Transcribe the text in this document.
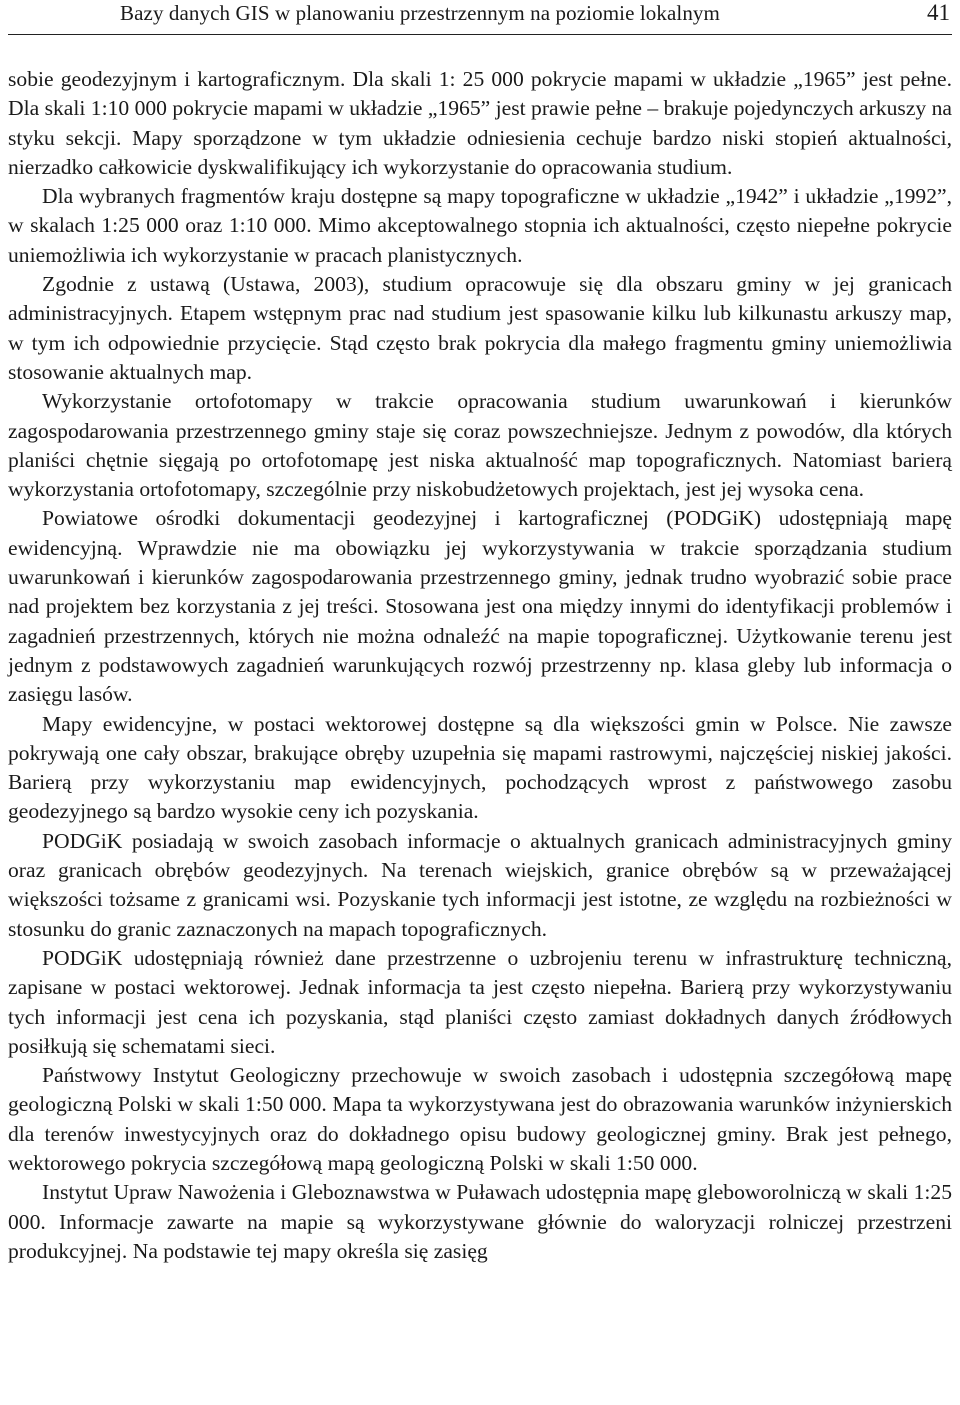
Bazy danych GIS w planowaniu przestrzennym na poziomie lokalnym	41

sobie geodezyjnym i kartograficznym. Dla skali 1: 25 000 pokrycie mapami w układzie „1965” jest pełne. Dla skali 1:10 000 pokrycie mapami w układzie „1965” jest prawie pełne – brakuje pojedynczych arkuszy na styku sekcji. Mapy sporządzone w tym układzie odniesienia cechuje bardzo niski stopień aktualności, nierzadko całkowicie dyskwalifikujący ich wykorzystanie do opracowania studium.

Dla wybranych fragmentów kraju dostępne są mapy topograficzne w układzie „1942” i układzie „1992”, w skalach 1:25 000 oraz 1:10 000. Mimo akceptowalnego stopnia ich aktualności, często niepełne pokrycie uniemożliwia ich wykorzystanie w pracach planistycznych.

Zgodnie z ustawą (Ustawa, 2003), studium opracowuje się dla obszaru gminy w jej granicach administracyjnych. Etapem wstępnym prac nad studium jest spasowanie kilku lub kilkunastu arkuszy map, w tym ich odpowiednie przycięcie. Stąd często brak pokrycia dla małego fragmentu gminy uniemożliwia stosowanie aktualnych map.

Wykorzystanie ortofotomapy w trakcie opracowania studium uwarunkowań i kierunków zagospodarowania przestrzennego gminy staje się coraz powszechniejsze. Jednym z powodów, dla których planiści chętnie sięgają po ortofotomapę jest niska aktualność map topograficznych. Natomiast barierą wykorzystania ortofotomapy, szczególnie przy niskobudżetowych projektach, jest jej wysoka cena.

Powiatowe ośrodki dokumentacji geodezyjnej i kartograficznej (PODGiK) udostępniają mapę ewidencyjną. Wprawdzie nie ma obowiązku jej wykorzystywania w trakcie sporządzania studium uwarunkowań i kierunków zagospodarowania przestrzennego gminy, jednak trudno wyobrazić sobie prace nad projektem bez korzystania z jej treści. Stosowana jest ona między innymi do identyfikacji problemów i zagadnień przestrzennych, których nie można odnaleźć na mapie topograficznej. Użytkowanie terenu jest jednym z podstawowych zagadnień warunkujących rozwój przestrzenny np. klasa gleby lub informacja o zasięgu lasów.

Mapy ewidencyjne, w postaci wektorowej dostępne są dla większości gmin w Polsce. Nie zawsze pokrywają one cały obszar, brakujące obręby uzupełnia się mapami rastrowymi, najczęściej niskiej jakości. Barierą przy wykorzystaniu map ewidencyjnych, pochodzących wprost z państwowego zasobu geodezyjnego są bardzo wysokie ceny ich pozyskania.

PODGiK posiadają w swoich zasobach informacje o aktualnych granicach administracyjnych gminy oraz granicach obrębów geodezyjnych. Na terenach wiejskich, granice obrębów są w przeważającej większości tożsame z granicami wsi. Pozyskanie tych informacji jest istotne, ze względu na rozbieżności w stosunku do granic zaznaczonych na mapach topograficznych.

PODGiK udostępniają również dane przestrzenne o uzbrojeniu terenu w infrastrukturę techniczną, zapisane w postaci wektorowej. Jednak informacja ta jest często niepełna. Barierą przy wykorzystywaniu tych informacji jest cena ich pozyskania, stąd planiści często zamiast dokładnych danych źródłowych posiłkują się schematami sieci.

Państwowy Instytut Geologiczny przechowuje w swoich zasobach i udostępnia szczegółową mapę geologiczną Polski w skali 1:50 000. Mapa ta wykorzystywana jest do obrazowania warunków inżynierskich dla terenów inwestycyjnych oraz do dokładnego opisu budowy geologicznej gminy. Brak jest pełnego, wektorowego pokrycia szczegółową mapą geologiczną Polski w skali 1:50 000.

Instytut Upraw Nawożenia i Gleboznawstwa w Puławach udostępnia mapę gleboworolniczą w skali 1:25 000. Informacje zawarte na mapie są wykorzystywane głównie do waloryzacji rolniczej przestrzeni produkcyjnej. Na podstawie tej mapy określa się zasięg
